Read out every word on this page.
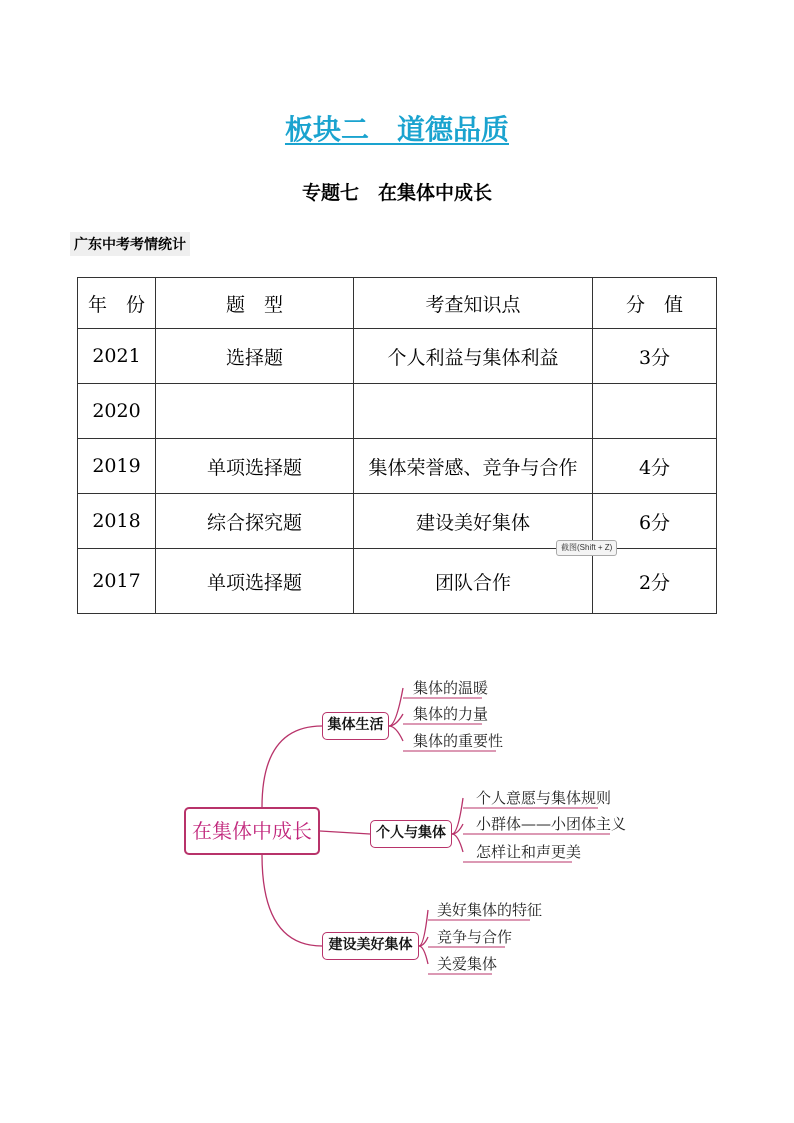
板块二　道德品质
专题七　在集体中成长
广东中考考情统计
年　份	题　型	考查知识点	分　值
2021	选择题	个人利益与集体利益	3分
2020			
2019	单项选择题	集体荣誉感、竞争与合作	4分
2018	综合探究题	建设美好集体	6分
2017	单项选择题	团队合作	2分
截图(Shift + Z)
在集体中成长
集体生活
个人与集体
建设美好集体
集体的温暖
集体的力量
集体的重要性
个人意愿与集体规则
小群体——小团体主义
怎样让和声更美
美好集体的特征
竞争与合作
关爱集体
